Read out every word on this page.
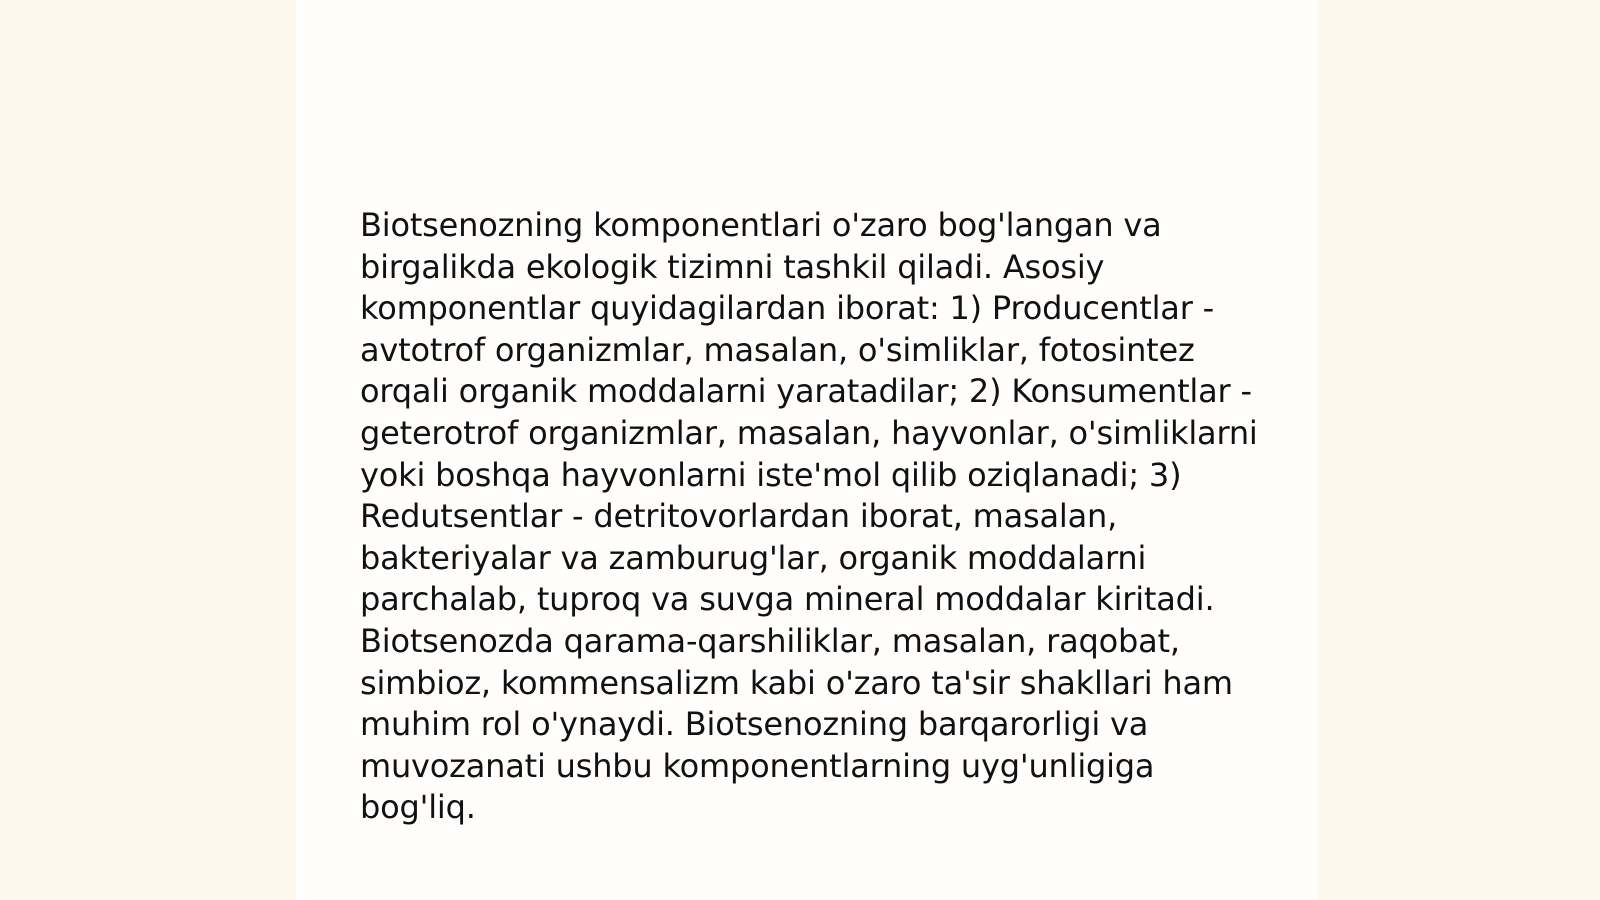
Biotsenozning komponentlari o'zaro bog'langan va birgalikda ekologik tizimni tashkil qiladi. Asosiy komponentlar quyidagilardan iborat: 1) Producentlar - avtotrof organizmlar, masalan, o'simliklar, fotosintez orqali organik moddalarni yaratadilar; 2) Konsumentlar - geterotrof organizmlar, masalan, hayvonlar, o'simliklarni yoki boshqa hayvonlarni iste'mol qilib oziqlanadi; 3) Redutsentlar - detritovorlardan iborat, masalan, bakteriyalar va zamburug'lar, organik moddalarni parchalab, tuproq va suvga mineral moddalar kiritadi. Biotsenozda qarama-qarshiliklar, masalan, raqobat, simbioz, kommensalizm kabi o'zaro ta'sir shakllari ham muhim rol o'ynaydi. Biotsenozning barqarorligi va muvozanati ushbu komponentlarning uyg'unligiga bog'liq.
